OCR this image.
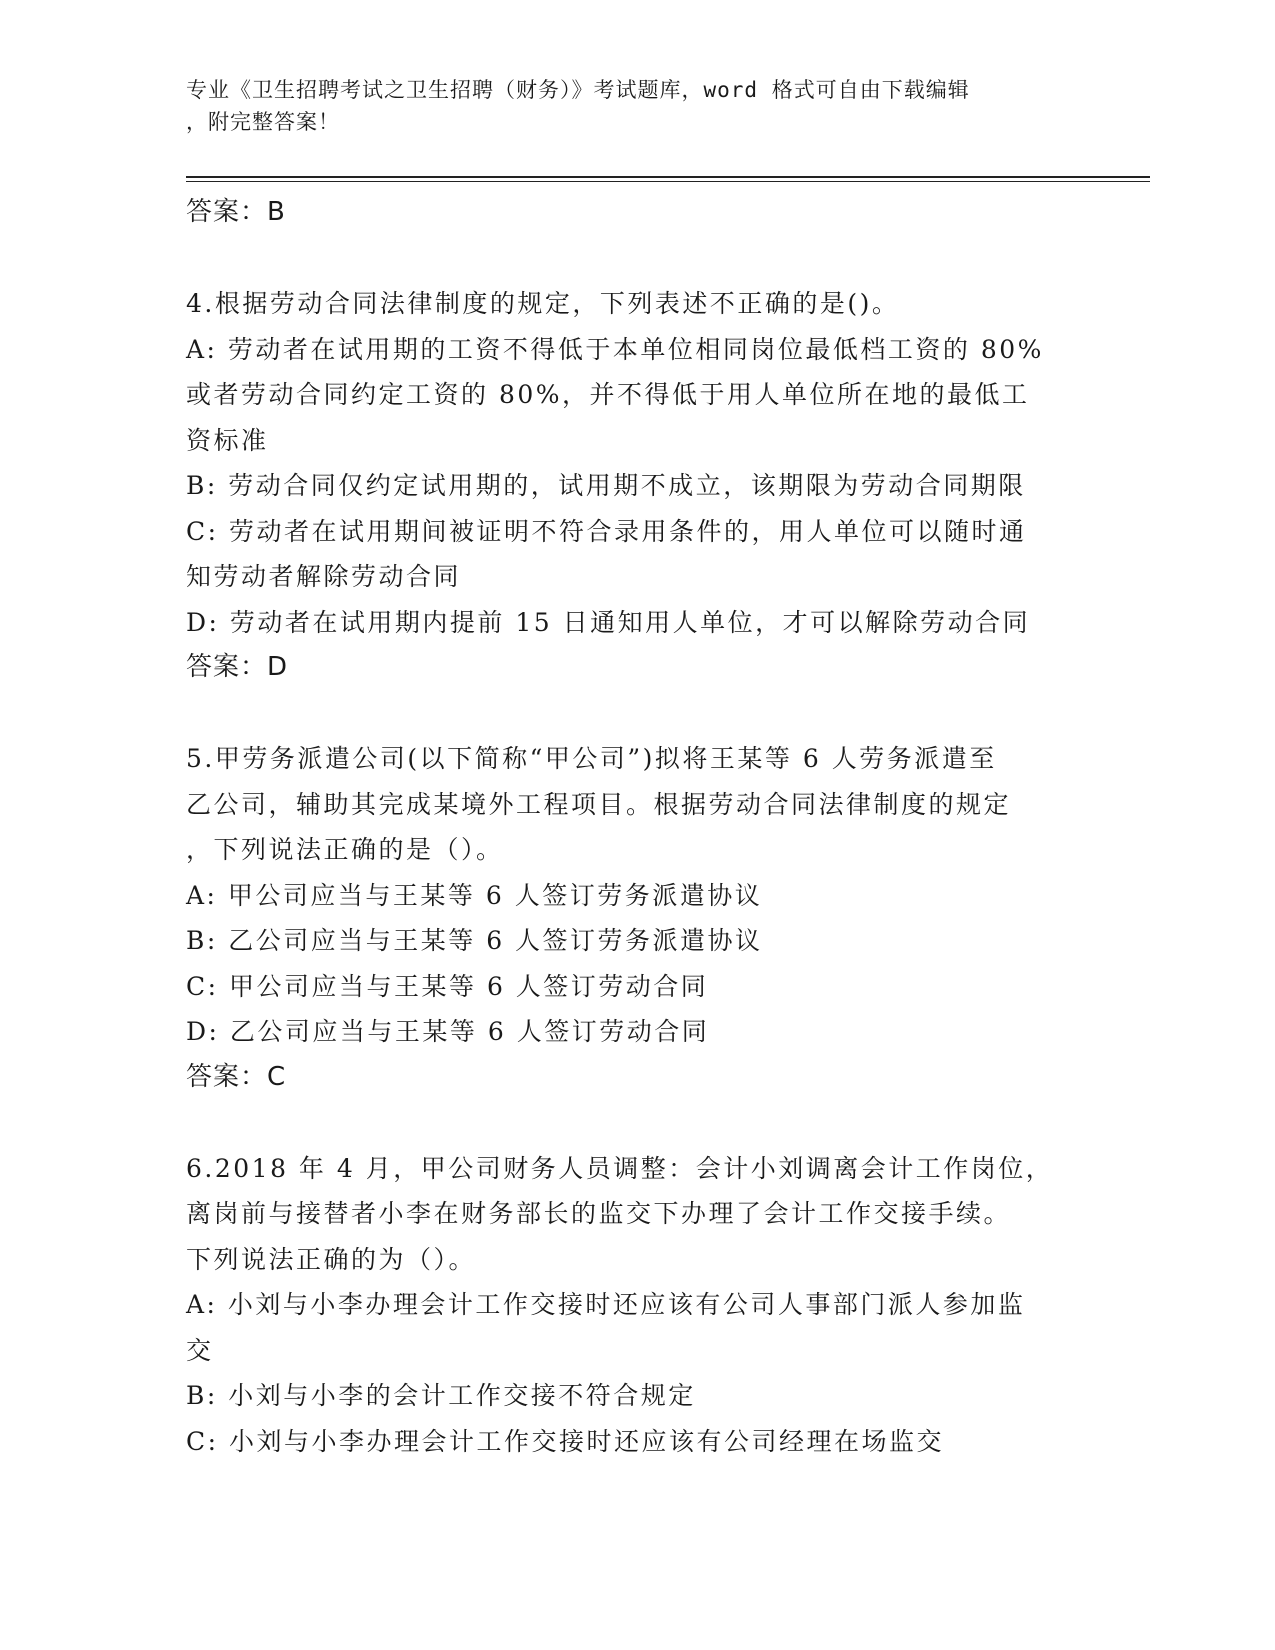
专业《卫生招聘考试之卫生招聘（财务）》考试题库，word 格式可自由下载编辑
，附完整答案！

答案：B

4.根据劳动合同法律制度的规定，下列表述不正确的是()。

A: 劳动者在试用期的工资不得低于本单位相同岗位最低档工资的 80%

或者劳动合同约定工资的 80%，并不得低于用人单位所在地的最低工

资标准

B: 劳动合同仅约定试用期的，试用期不成立，该期限为劳动合同期限

C: 劳动者在试用期间被证明不符合录用条件的，用人单位可以随时通

知劳动者解除劳动合同

D: 劳动者在试用期内提前 15 日通知用人单位，才可以解除劳动合同

答案：D

5.甲劳务派遣公司(以下简称“甲公司”)拟将王某等 6 人劳务派遣至

乙公司，辅助其完成某境外工程项目。根据劳动合同法律制度的规定

，下列说法正确的是（）。

A: 甲公司应当与王某等 6 人签订劳务派遣协议

B: 乙公司应当与王某等 6 人签订劳务派遣协议

C: 甲公司应当与王某等 6 人签订劳动合同

D: 乙公司应当与王某等 6 人签订劳动合同

答案：C

6.2018 年 4 月，甲公司财务人员调整：会计小刘调离会计工作岗位，

离岗前与接替者小李在财务部长的监交下办理了会计工作交接手续。

下列说法正确的为（）。

A: 小刘与小李办理会计工作交接时还应该有公司人事部门派人参加监

交

B: 小刘与小李的会计工作交接不符合规定

C: 小刘与小李办理会计工作交接时还应该有公司经理在场监交
